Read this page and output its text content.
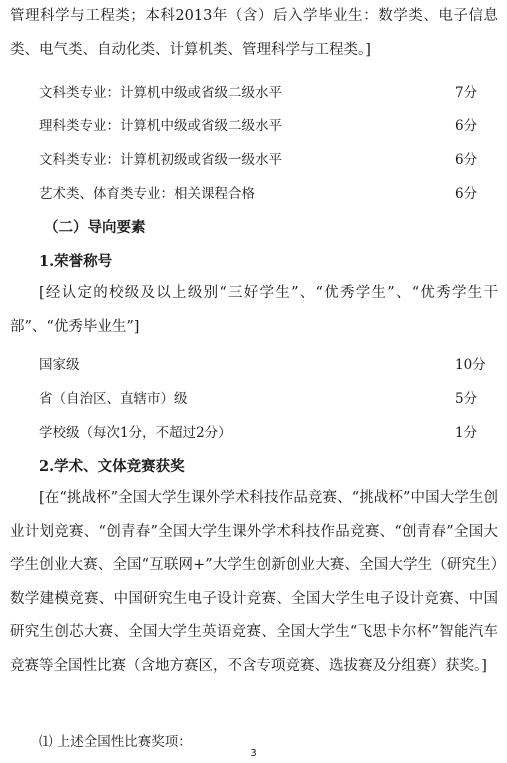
管理科学与工程类；本科2013年（含）后入学毕业生：数学类、电子信息类、电气类、自动化类、计算机类、管理科学与工程类。]
文科类专业：计算机中级或省级二级水平	7分
理科类专业：计算机中级或省级二级水平	6分
文科类专业：计算机初级或省级一级水平	6分
艺术类、体育类专业：相关课程合格	6分
（二）导向要素
1.荣誉称号
[经认定的校级及以上级别“三好学生”、“优秀学生”、“优秀学生干部”、“优秀毕业生”]
国家级	10分
省（自治区、直辖市）级	5分
学校级（每次1分，不超过2分）	1分
2.学术、文体竞赛获奖
[在“挑战杯”全国大学生课外学术科技作品竞赛、“挑战杯”中国大学生创业计划竞赛、“创青春”全国大学生课外学术科技作品竞赛、“创青春”全国大学生创业大赛、全国“互联网+”大学生创新创业大赛、全国大学生（研究生）数学建模竞赛、中国研究生电子设计竞赛、全国大学生电子设计竞赛、中国研究生创芯大赛、全国大学生英语竞赛、全国大学生“飞思卡尔杯”智能汽车竞赛等全国性比赛（含地方赛区，不含专项竞赛、选拔赛及分组赛）获奖。]
⑴ 上述全国性比赛奖项：
3
